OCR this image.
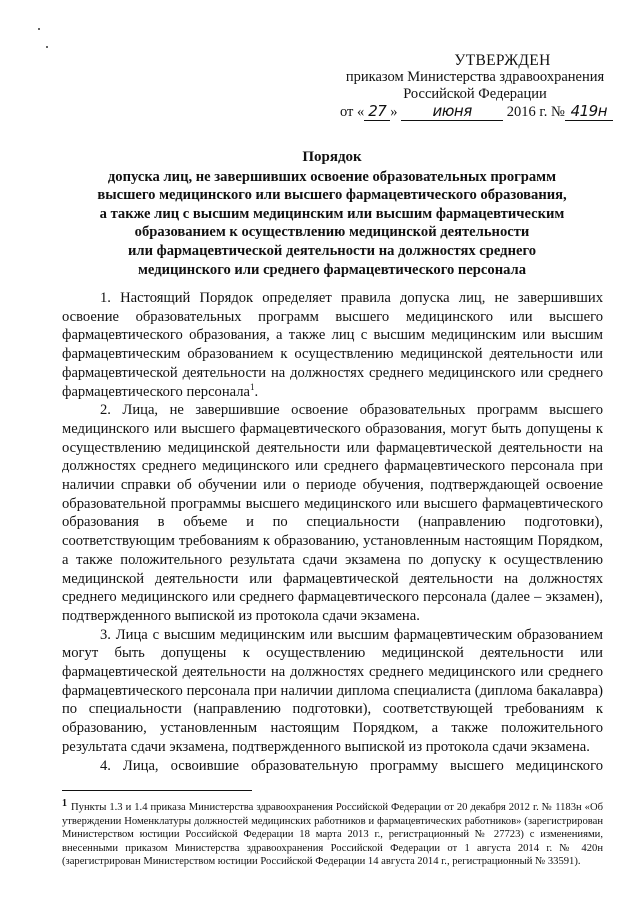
УТВЕРЖДЕН
приказом Министерства здравоохранения
Российской Федерации
от « 27 » июня 2016 г. № 419н
Порядок
допуска лиц, не завершивших освоение образовательных программ
высшего медицинского или высшего фармацевтического образования,
а также лиц с высшим медицинским или высшим фармацевтическим
образованием к осуществлению медицинской деятельности
или фармацевтической деятельности на должностях среднего
медицинского или среднего фармацевтического персонала

1. Настоящий Порядок определяет правила допуска лиц, не завершивших освоение образовательных программ высшего медицинского или высшего фармацевтического образования, а также лиц с высшим медицинским или высшим фармацевтическим образованием к осуществлению медицинской деятельности или фармацевтической деятельности на должностях среднего медицинского или среднего фармацевтического персонала$^1$.

2. Лица, не завершившие освоение образовательных программ высшего медицинского или высшего фармацевтического образования, могут быть допущены к осуществлению медицинской деятельности или фармацевтической деятельности на должностях среднего медицинского или среднего фармацевтического персонала при наличии справки об обучении или о периоде обучения, подтверждающей освоение образовательной программы высшего медицинского или высшего фармацевтического образования в объеме и по специальности (направлению подготовки), соответствующим требованиям к образованию, установленным настоящим Порядком, а также положительного результата сдачи экзамена по допуску к осуществлению медицинской деятельности или фармацевтической деятельности на должностях среднего медицинского или среднего фармацевтического персонала (далее – экзамен), подтвержденного выпиской из протокола сдачи экзамена.

3. Лица с высшим медицинским или высшим фармацевтическим образованием могут быть допущены к осуществлению медицинской деятельности или фармацевтической деятельности на должностях среднего медицинского или среднего фармацевтического персонала при наличии диплома специалиста (диплома бакалавра) по специальности (направлению подготовки), соответствующей требованиям к образованию, установленным настоящим Порядком, а также положительного результата сдачи экзамена, подтвержденного выпиской из протокола сдачи экзамена.

4. Лица, освоившие образовательную программу высшего медицинского

1 Пункты 1.3 и 1.4 приказа Министерства здравоохранения Российской Федерации от 20 декабря 2012 г. № 1183н «Об утверждении Номенклатуры должностей медицинских работников и фармацевтических работников» (зарегистрирован Министерством юстиции Российской Федерации 18 марта 2013 г., регистрационный № 27723) с изменениями, внесенными приказом Министерства здравоохранения Российской Федерации от 1 августа 2014 г. № 420н (зарегистрирован Министерством юстиции Российской Федерации 14 августа 2014 г., регистрационный № 33591).
